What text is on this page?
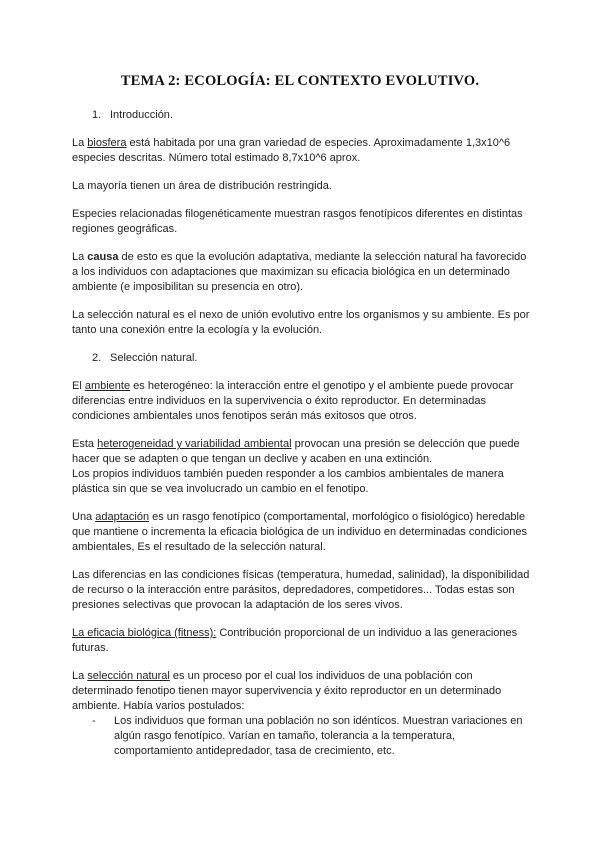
TEMA 2: ECOLOGÍA: EL CONTEXTO EVOLUTIVO.
1. Introducción.

La biosfera está habitada por una gran variedad de especies. Aproximadamente 1,3x10^6 especies descritas. Número total estimado 8,7x10^6 aprox.

La mayoría tienen un área de distribución restringida.

Especies relacionadas filogenéticamente muestran rasgos fenotípicos diferentes en distintas regiones geográficas.

La causa de esto es que la evolución adaptativa, mediante la selección natural ha favorecido a los individuos con adaptaciones que maximizan su eficacia biológica en un determinado ambiente (e imposibilitan su presencia en otro).

La selección natural es el nexo de unión evolutivo entre los organismos y su ambiente. Es por tanto una conexión entre la ecología y la evolución.

2. Selección natural.

El ambiente es heterogéneo: la interacción entre el genotipo y el ambiente puede provocar diferencias entre individuos en la supervivencia o éxito reproductor. En determinadas condiciones ambientales unos fenotipos serán más exitosos que otros.

Esta heterogeneidad y variabilidad ambiental provocan una presión se delección que puede hacer que se adapten o que tengan un declive y acaben en una extinción.
Los propios individuos también pueden responder a los cambios ambientales de manera plástica sin que se vea involucrado un cambio en el fenotipo.

Una adaptación es un rasgo fenotípico (comportamental, morfológico o fisiológico) heredable que mantiene o incrementa la eficacia biológica de un individuo en determinadas condiciones ambientales, Es el resultado de la selección natural.

Las diferencias en las condiciones físicas (temperatura, humedad, salinidad), la disponibilidad de recurso o la interacción entre parásitos, depredadores, competidores... Todas estas son presiones selectivas que provocan la adaptación de los seres vivos.

La eficacia biológica (fitness): Contribución proporcional de un individuo a las generaciones futuras.

La selección natural es un proceso por el cual los individuos de una población con determinado fenotipo tienen mayor supervivencia y éxito reproductor en un determinado ambiente. Había varios postulados:

-	Los individuos que forman una población no son idénticos. Muestran variaciones en algún rasgo fenotípico. Varían en tamaño, tolerancia a la temperatura, comportamiento antidepredador, tasa de crecimiento, etc.
